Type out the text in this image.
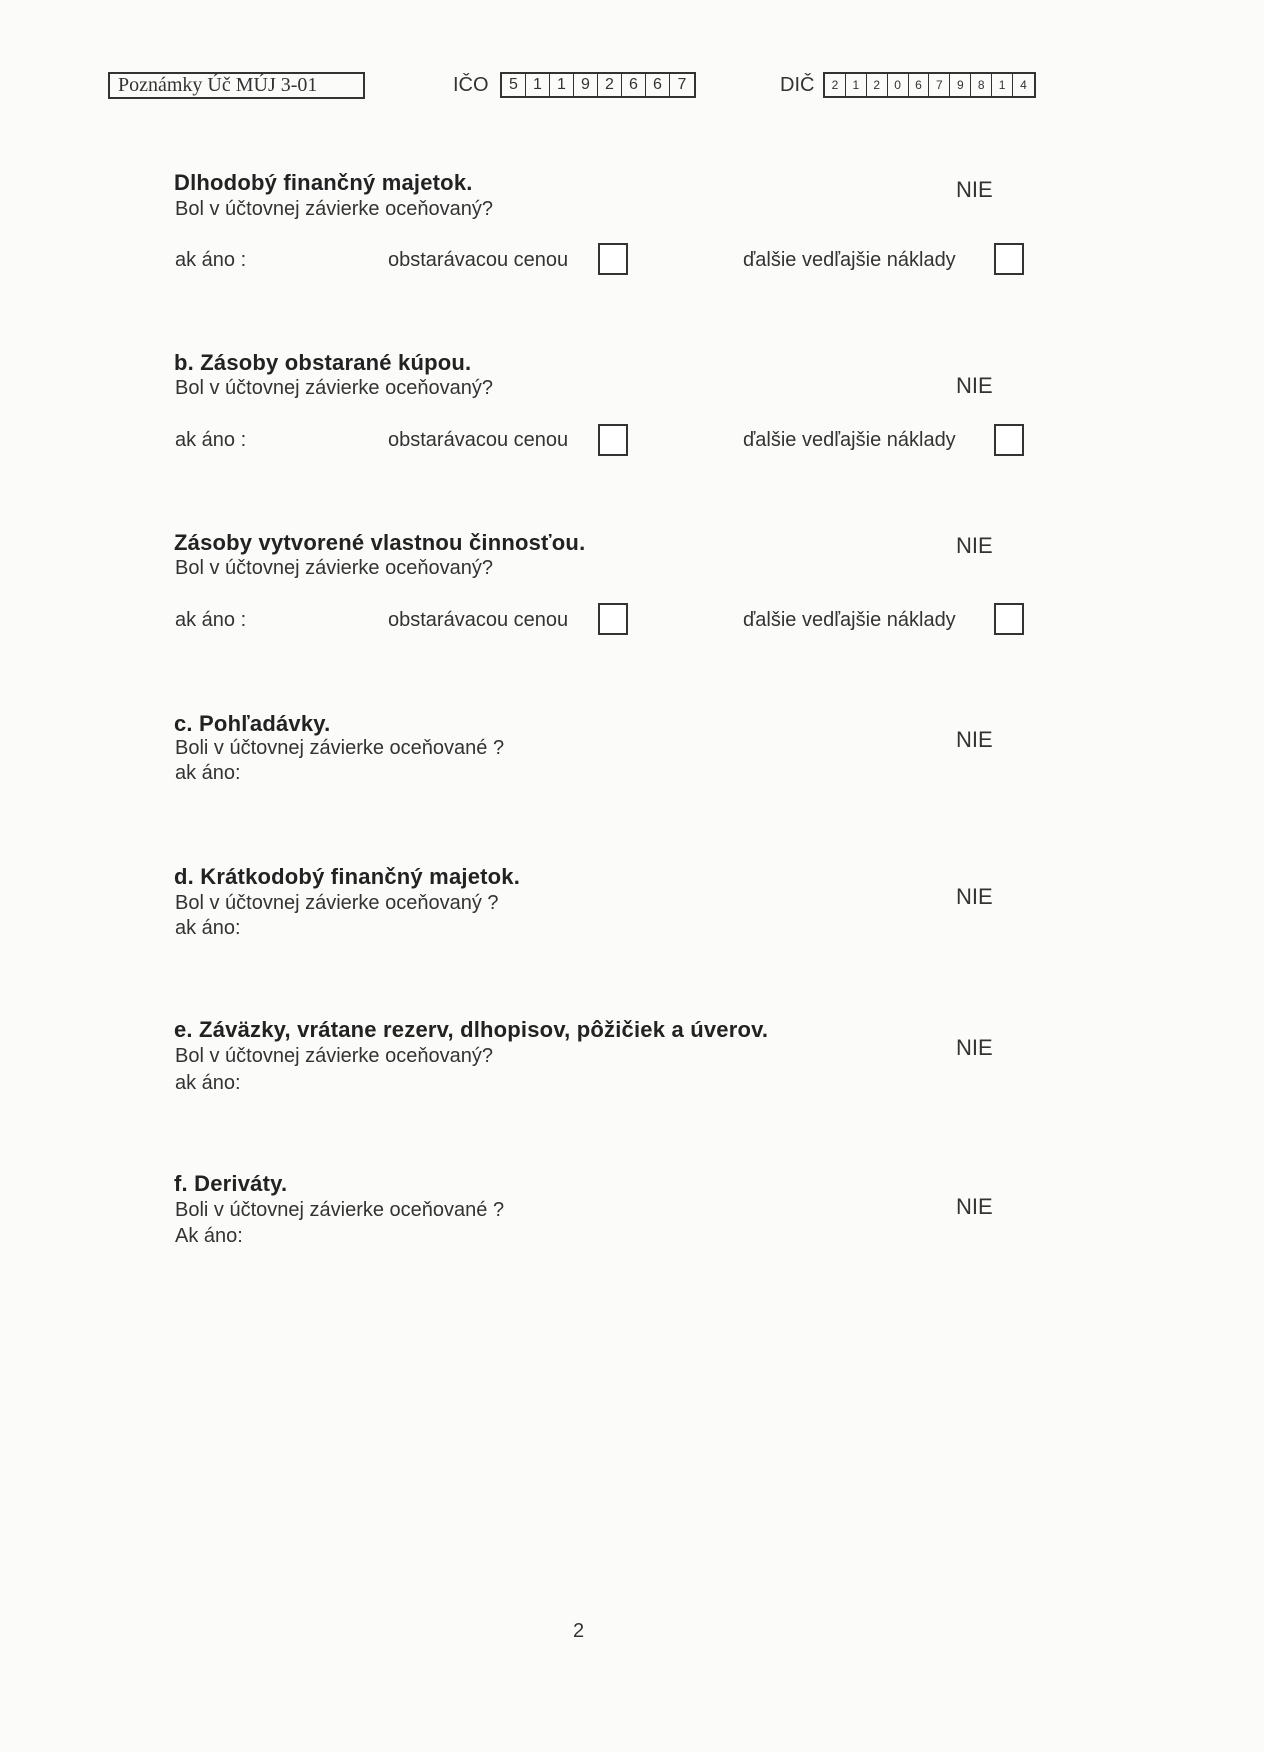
Poznámky Úč MÚJ 3-01	IČO	5 1 1 9 2 6 6 7	DIČ	2	1	2	0	6	7	9	8	1	4
Dlhodobý finančný majetok.
Bol v účtovnej závierke oceňovaný?
NIE
ak áno :	obstarávacou cenou	ďalšie vedľajšie náklady
b. Zásoby obstarané kúpou.
Bol v účtovnej závierke oceňovaný?	NIE
ak áno :	obstarávacou cenou	ďalšie vedľajšie náklady
Zásoby vytvorené vlastnou činnosťou.
Bol v účtovnej závierke oceňovaný?
NIE
ak áno :	obstarávacou cenou	ďalšie vedľajšie náklady
c. Pohľadávky.
Boli v účtovnej závierke oceňované ?	NIE
ak áno:
d. Krátkodobý finančný majetok.
Bol v účtovnej závierke oceňovaný ?	NIE
ak áno:
e. Záväzky, vrátane rezerv, dlhopisov, pôžičiek a úverov.
Bol v účtovnej závierke oceňovaný?	NIE
ak áno:
f. Deriváty.
Boli v účtovnej závierke oceňované ?	NIE
Ak áno:
2
